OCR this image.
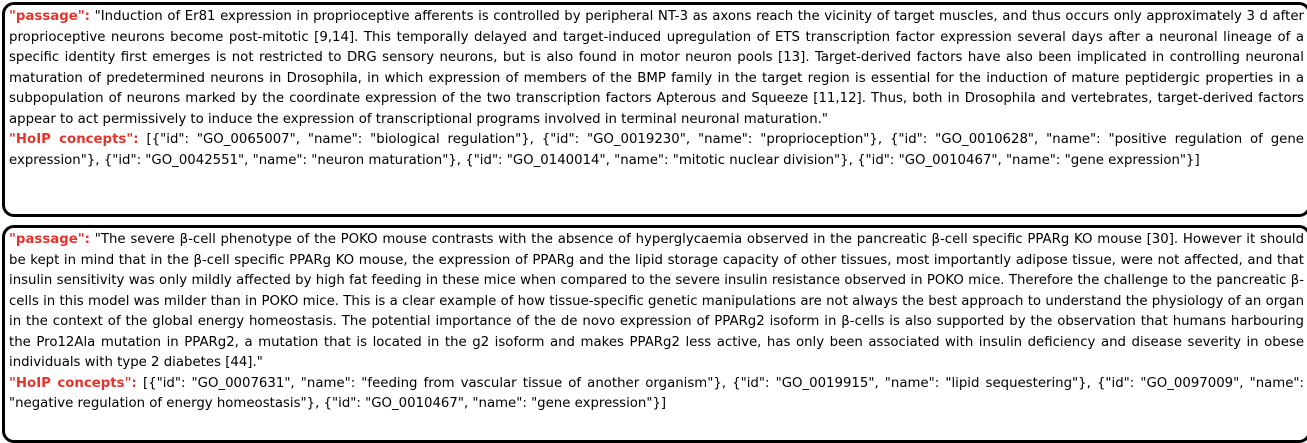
"passage": "Induction of Er81 expression in proprioceptive afferents is controlled by peripheral NT-3 as axons reach the vicinity of target muscles, and thus occurs only approximately 3 d after proprioceptive neurons become post-mitotic [9,14]. This temporally delayed and target-induced upregulation of ETS transcription factor expression several days after a neuronal lineage of a specific identity first emerges is not restricted to DRG sensory neurons, but is also found in motor neuron pools [13]. Target-derived factors have also been implicated in controlling neuronal maturation of predetermined neurons in Drosophila, in which expression of members of the BMP family in the target region is essential for the induction of mature peptidergic properties in a subpopulation of neurons marked by the coordinate expression of the two transcription factors Apterous and Squeeze [11,12]. Thus, both in Drosophila and vertebrates, target-derived factors appear to act permissively to induce the expression of transcriptional programs involved in terminal neuronal maturation."
"HoIP concepts": [{"id": "GO_0065007", "name": "biological regulation"}, {"id": "GO_0019230", "name": "proprioception"}, {"id": "GO_0010628", "name": "positive regulation of gene expression"}, {"id": "GO_0042551", "name": "neuron maturation"}, {"id": "GO_0140014", "name": "mitotic nuclear division"}, {"id": "GO_0010467", "name": "gene expression"}]
"passage": "The severe β-cell phenotype of the POKO mouse contrasts with the absence of hyperglycaemia observed in the pancreatic β-cell specific PPARg KO mouse [30]. However it should be kept in mind that in the β-cell specific PPARg KO mouse, the expression of PPARg and the lipid storage capacity of other tissues, most importantly adipose tissue, were not affected, and that insulin sensitivity was only mildly affected by high fat feeding in these mice when compared to the severe insulin resistance observed in POKO mice. Therefore the challenge to the pancreatic β-cells in this model was milder than in POKO mice. This is a clear example of how tissue-specific genetic manipulations are not always the best approach to understand the physiology of an organ in the context of the global energy homeostasis. The potential importance of the de novo expression of PPARg2 isoform in β-cells is also supported by the observation that humans harbouring the Pro12Ala mutation in PPARg2, a mutation that is located in the g2 isoform and makes PPARg2 less active, has only been associated with insulin deficiency and disease severity in obese individuals with type 2 diabetes [44]."
"HoIP concepts": [{"id": "GO_0007631", "name": "feeding from vascular tissue of another organism"}, {"id": "GO_0019915", "name": "lipid sequestering"}, {"id": "GO_0097009", "name": "negative regulation of energy homeostasis"}, {"id": "GO_0010467", "name": "gene expression"}]
